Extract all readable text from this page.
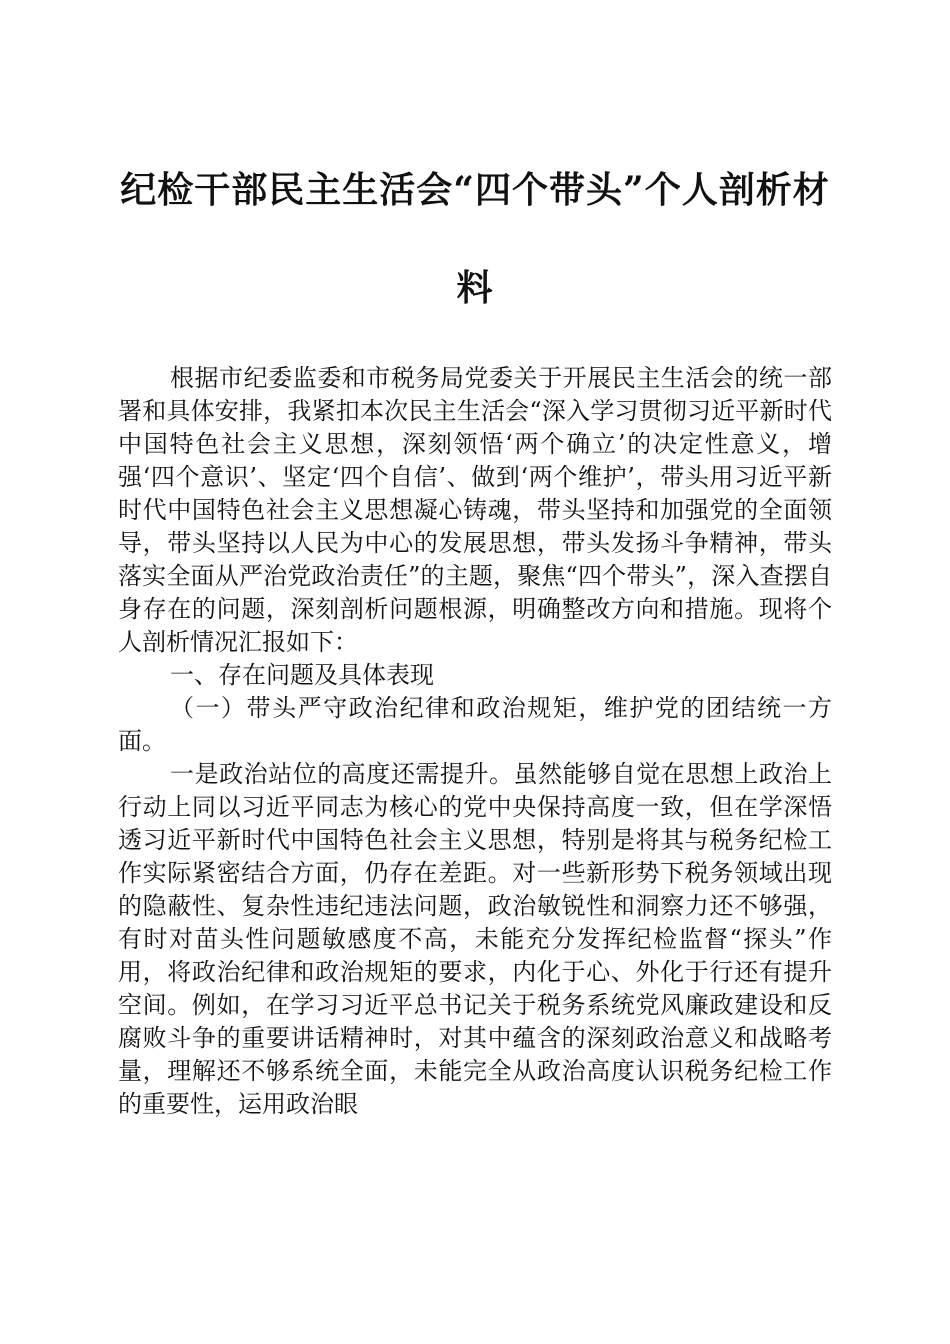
纪检干部民主生活会“四个带头”个人剖析材
料

根据市纪委监委和市税务局党委关于开展民主生活会的统一部署和具体安排，我紧扣本次民主生活会“深入学习贯彻习近平新时代中国特色社会主义思想，深刻领悟‘两个确立’的决定性意义，增强‘四个意识’、坚定‘四个自信’、做到‘两个维护’，带头用习近平新时代中国特色社会主义思想凝心铸魂，带头坚持和加强党的全面领导，带头坚持以人民为中心的发展思想，带头发扬斗争精神，带头落实全面从严治党政治责任”的主题，聚焦“四个带头”，深入查摆自身存在的问题，深刻剖析问题根源，明确整改方向和措施。现将个人剖析情况汇报如下：

一、存在问题及具体表现

（一）带头严守政治纪律和政治规矩，维护党的团结统一方面。

一是政治站位的高度还需提升。虽然能够自觉在思想上政治上行动上同以习近平同志为核心的党中央保持高度一致，但在学深悟透习近平新时代中国特色社会主义思想，特别是将其与税务纪检工作实际紧密结合方面，仍存在差距。对一些新形势下税务领域出现的隐蔽性、复杂性违纪违法问题，政治敏锐性和洞察力还不够强，有时对苗头性问题敏感度不高，未能充分发挥纪检监督“探头”作用，将政治纪律和政治规矩的要求，内化于心、外化于行还有提升空间。例如，在学习习近平总书记关于税务系统党风廉政建设和反腐败斗争的重要讲话精神时，对其中蕴含的深刻政治意义和战略考量，理解还不够系统全面，未能完全从政治高度认识税务纪检工作的重要性，运用政治眼
